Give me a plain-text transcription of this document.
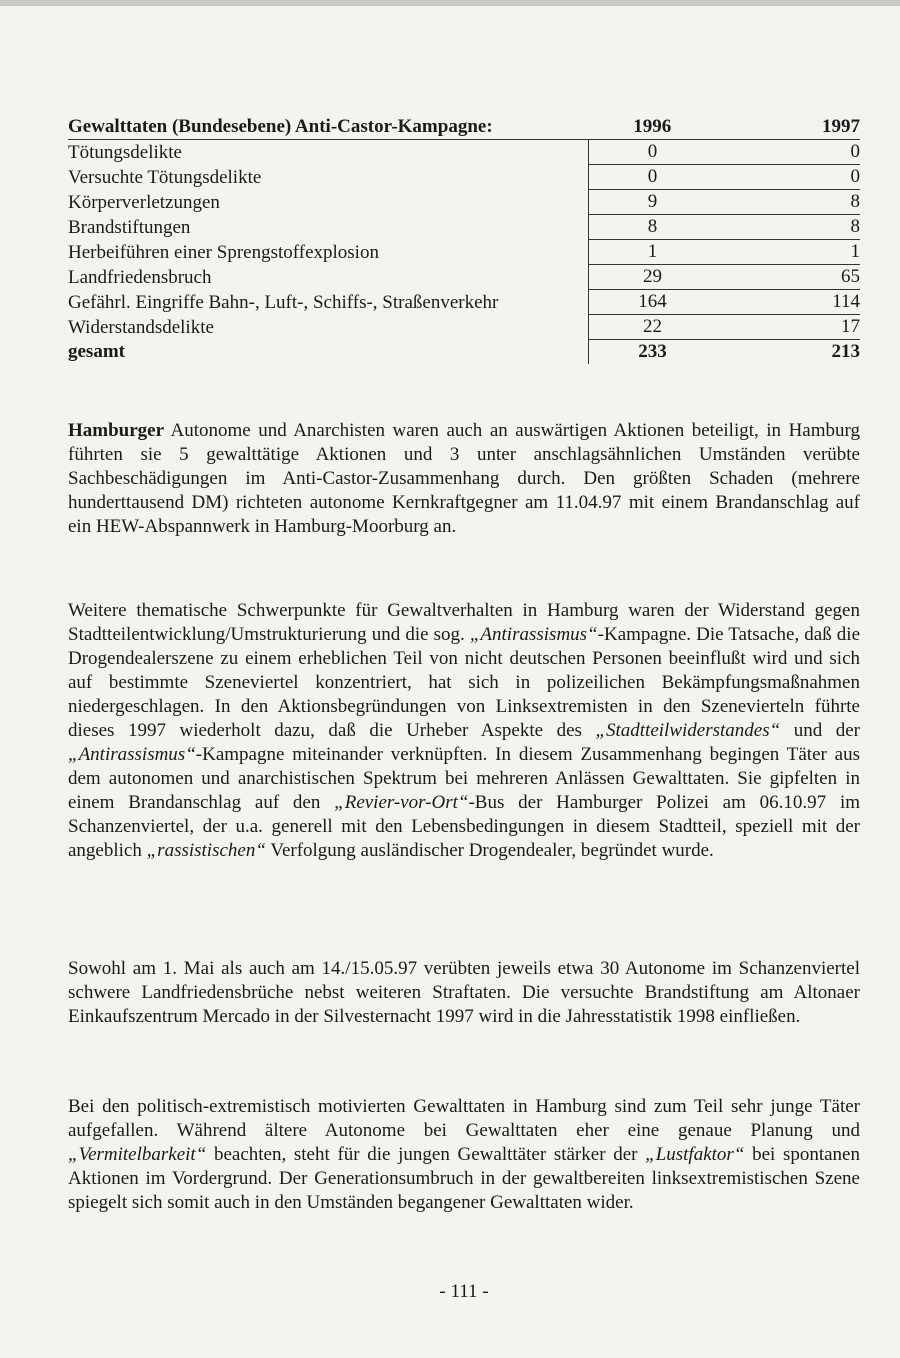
Gewalttaten (Bundesebene) Anti-Castor-Kampagne:	1996	1997
Tötungsdelikte	0	0
Versuchte Tötungsdelikte	0	0
Körperverletzungen	9	8
Brandstiftungen	8	8
Herbeiführen einer Sprengstoffexplosion	1	1
Landfriedensbruch	29	65
Gefährl. Eingriffe Bahn-, Luft-, Schiffs-, Straßenverkehr	164	114
Widerstandsdelikte	22	17
gesamt	233	213

Hamburger Autonome und Anarchisten waren auch an auswärtigen Aktionen beteiligt, in Hamburg führten sie 5 gewalttätige Aktionen und 3 unter anschlagsähnlichen Umständen verübte Sachbeschädigungen im Anti-Castor-Zusammenhang durch. Den größten Schaden (mehrere hunderttausend DM) richteten autonome Kernkraftgegner am 11.04.97 mit einem Brandanschlag auf ein HEW-Abspannwerk in Hamburg-Moorburg an.

Weitere thematische Schwerpunkte für Gewaltverhalten in Hamburg waren der Widerstand gegen Stadtteilentwicklung/Umstrukturierung und die sog. „Antirassismus“-Kampagne. Die Tatsache, daß die Drogendealerszene zu einem erheblichen Teil von nicht deutschen Personen beeinflußt wird und sich auf bestimmte Szeneviertel konzentriert, hat sich in polizeilichen Bekämpfungsmaßnahmen niedergeschlagen. In den Aktionsbegründungen von Linksextremisten in den Szenevierteln führte dieses 1997 wiederholt dazu, daß die Urheber Aspekte des „Stadtteilwiderstandes“ und der „Antirassismus“-Kampagne miteinander verknüpften. In diesem Zusammenhang begingen Täter aus dem autonomen und anarchistischen Spektrum bei mehreren Anlässen Gewalttaten. Sie gipfelten in einem Brandanschlag auf den „Revier-vor-Ort“-Bus der Hamburger Polizei am 06.10.97 im Schanzenviertel, der u.a. generell mit den Lebensbedingungen in diesem Stadtteil, speziell mit der angeblich „rassistischen“ Verfolgung ausländischer Drogendealer, begründet wurde.

Sowohl am 1. Mai als auch am 14./15.05.97 verübten jeweils etwa 30 Autonome im Schanzenviertel schwere Landfriedensbrüche nebst weiteren Straftaten. Die versuchte Brandstiftung am Altonaer Einkaufszentrum Mercado in der Silvesternacht 1997 wird in die Jahresstatistik 1998 einfließen.

Bei den politisch-extremistisch motivierten Gewalttaten in Hamburg sind zum Teil sehr junge Täter aufgefallen. Während ältere Autonome bei Gewalttaten eher eine genaue Planung und „Vermitelbarkeit“ beachten, steht für die jungen Gewalttäter stärker der „Lustfaktor“ bei spontanen Aktionen im Vordergrund. Der Generationsumbruch in der gewaltbereiten linksextremistischen Szene spiegelt sich somit auch in den Umständen begangener Gewalttaten wider.

- 111 -
